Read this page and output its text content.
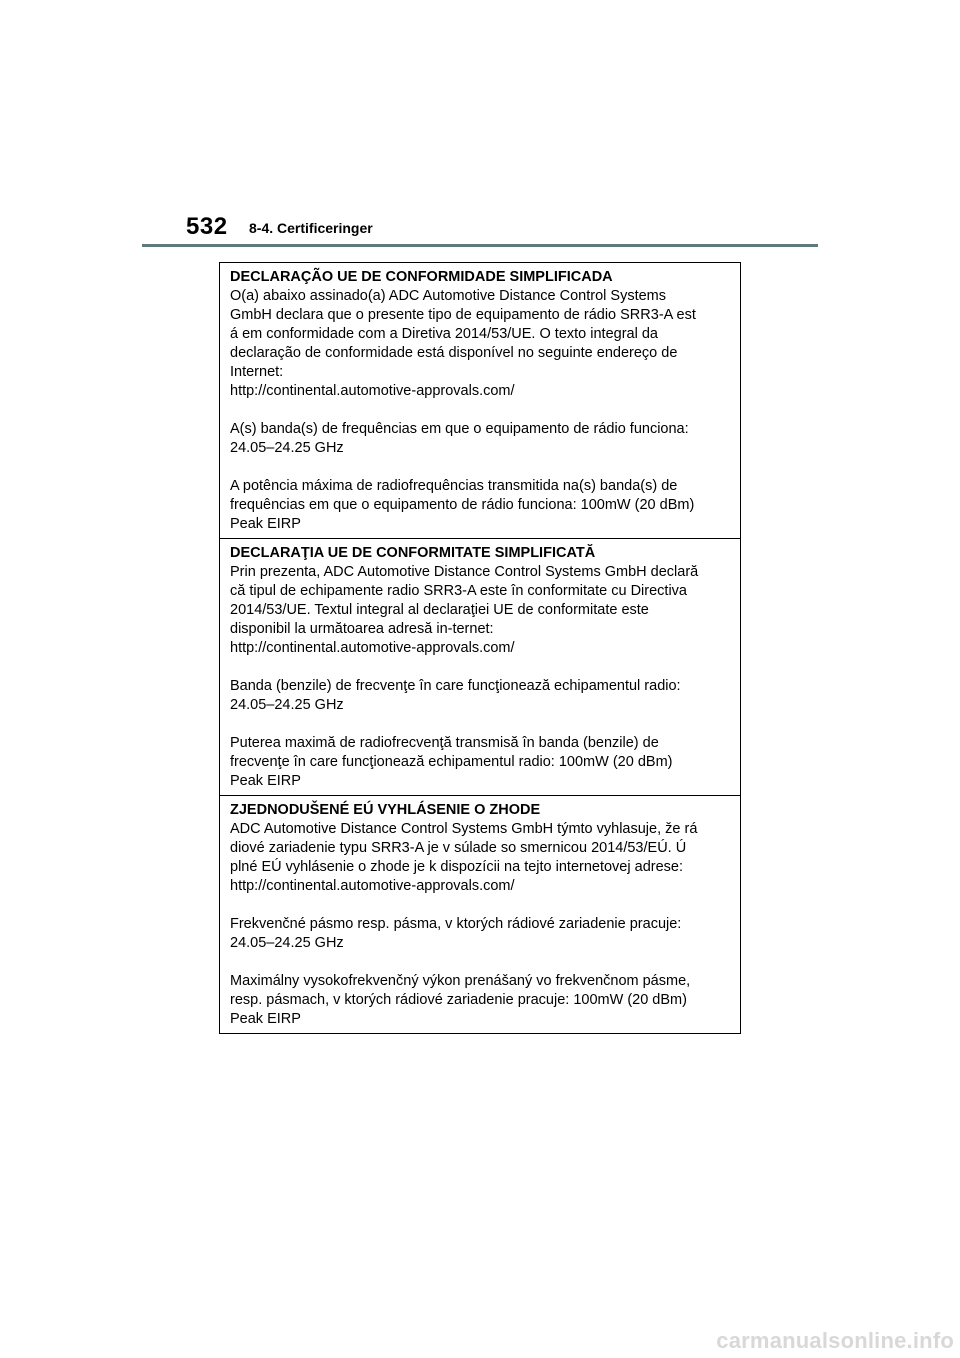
532 8-4. Certificeringer
DECLARAÇÃO UE DE CONFORMIDADE SIMPLIFICADA

O(a) abaixo assinado(a) ADC Automotive Distance Control Systems
GmbH declara que o presente tipo de equipamento de rádio SRR3-A est
á em conformidade com a Diretiva 2014/53/UE. O texto integral da
declaração de conformidade está disponível no seguinte endereço de
Internet:
http://continental.automotive-approvals.com/

A(s) banda(s) de frequências em que o equipamento de rádio funciona:
24.05–24.25 GHz

A potência máxima de radiofrequências transmitida na(s) banda(s) de
frequências em que o equipamento de rádio funciona: 100mW (20 dBm)
Peak EIRP

DECLARAŢIA UE DE CONFORMITATE SIMPLIFICATĂ

Prin prezenta, ADC Automotive Distance Control Systems GmbH declară
că tipul de echipamente radio SRR3-A este în conformitate cu Directiva
2014/53/UE. Textul integral al declaraţiei UE de conformitate este
disponibil la următoarea adresă in-ternet:
http://continental.automotive-approvals.com/

Banda (benzile) de frecvenţe în care funcţionează echipamentul radio:
24.05–24.25 GHz

Puterea maximă de radiofrecvenţă transmisă în banda (benzile) de
frecvenţe în care funcţionează echipamentul radio: 100mW (20 dBm)
Peak EIRP

ZJEDNODUŠENÉ EÚ VYHLÁSENIE O ZHODE

ADC Automotive Distance Control Systems GmbH týmto vyhlasuje, že rá
diové zariadenie typu SRR3-A je v súlade so smernicou 2014/53/EÚ. Ú
plné EÚ vyhlásenie o zhode je k dispozícii na tejto internetovej adrese:
http://continental.automotive-approvals.com/

Frekvenčné pásmo resp. pásma, v ktorých rádiové zariadenie pracuje:
24.05–24.25 GHz

Maximálny vysokofrekvenčný výkon prenášaný vo frekvenčnom pásme,
resp. pásmach, v ktorých rádiové zariadenie pracuje: 100mW (20 dBm)
Peak EIRP

carmanualsonline.info
